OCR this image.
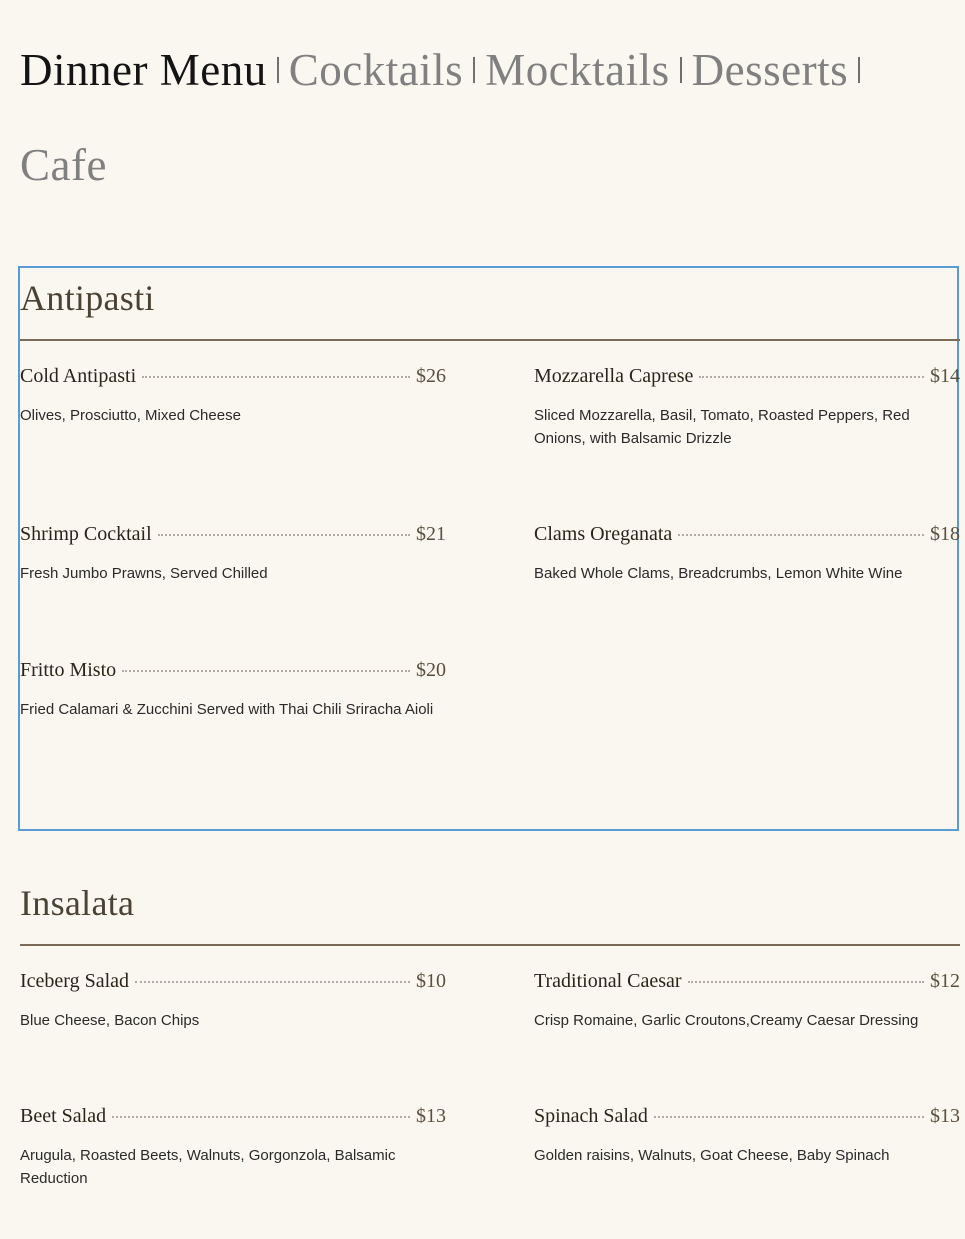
Dinner Menu Cocktails Mocktails Desserts
Cafe
Antipasti
Cold Antipasti	$26
Olives, Prosciutto, Mixed Cheese
Mozzarella Caprese	$14
Sliced Mozzarella, Basil, Tomato, Roasted Peppers, Red Onions, with Balsamic Drizzle
Shrimp Cocktail	$21
Fresh Jumbo Prawns, Served Chilled
Clams Oreganata	$18
Baked Whole Clams, Breadcrumbs, Lemon White Wine
Fritto Misto	$20
Fried Calamari & Zucchini Served with Thai Chili Sriracha Aioli
Insalata
Iceberg Salad	$10
Blue Cheese, Bacon Chips
Traditional Caesar	$12
Crisp Romaine, Garlic Croutons,Creamy Caesar Dressing
Beet Salad	$13
Arugula, Roasted Beets, Walnuts, Gorgonzola, Balsamic Reduction
Spinach Salad	$13
Golden raisins, Walnuts, Goat Cheese, Baby Spinach
